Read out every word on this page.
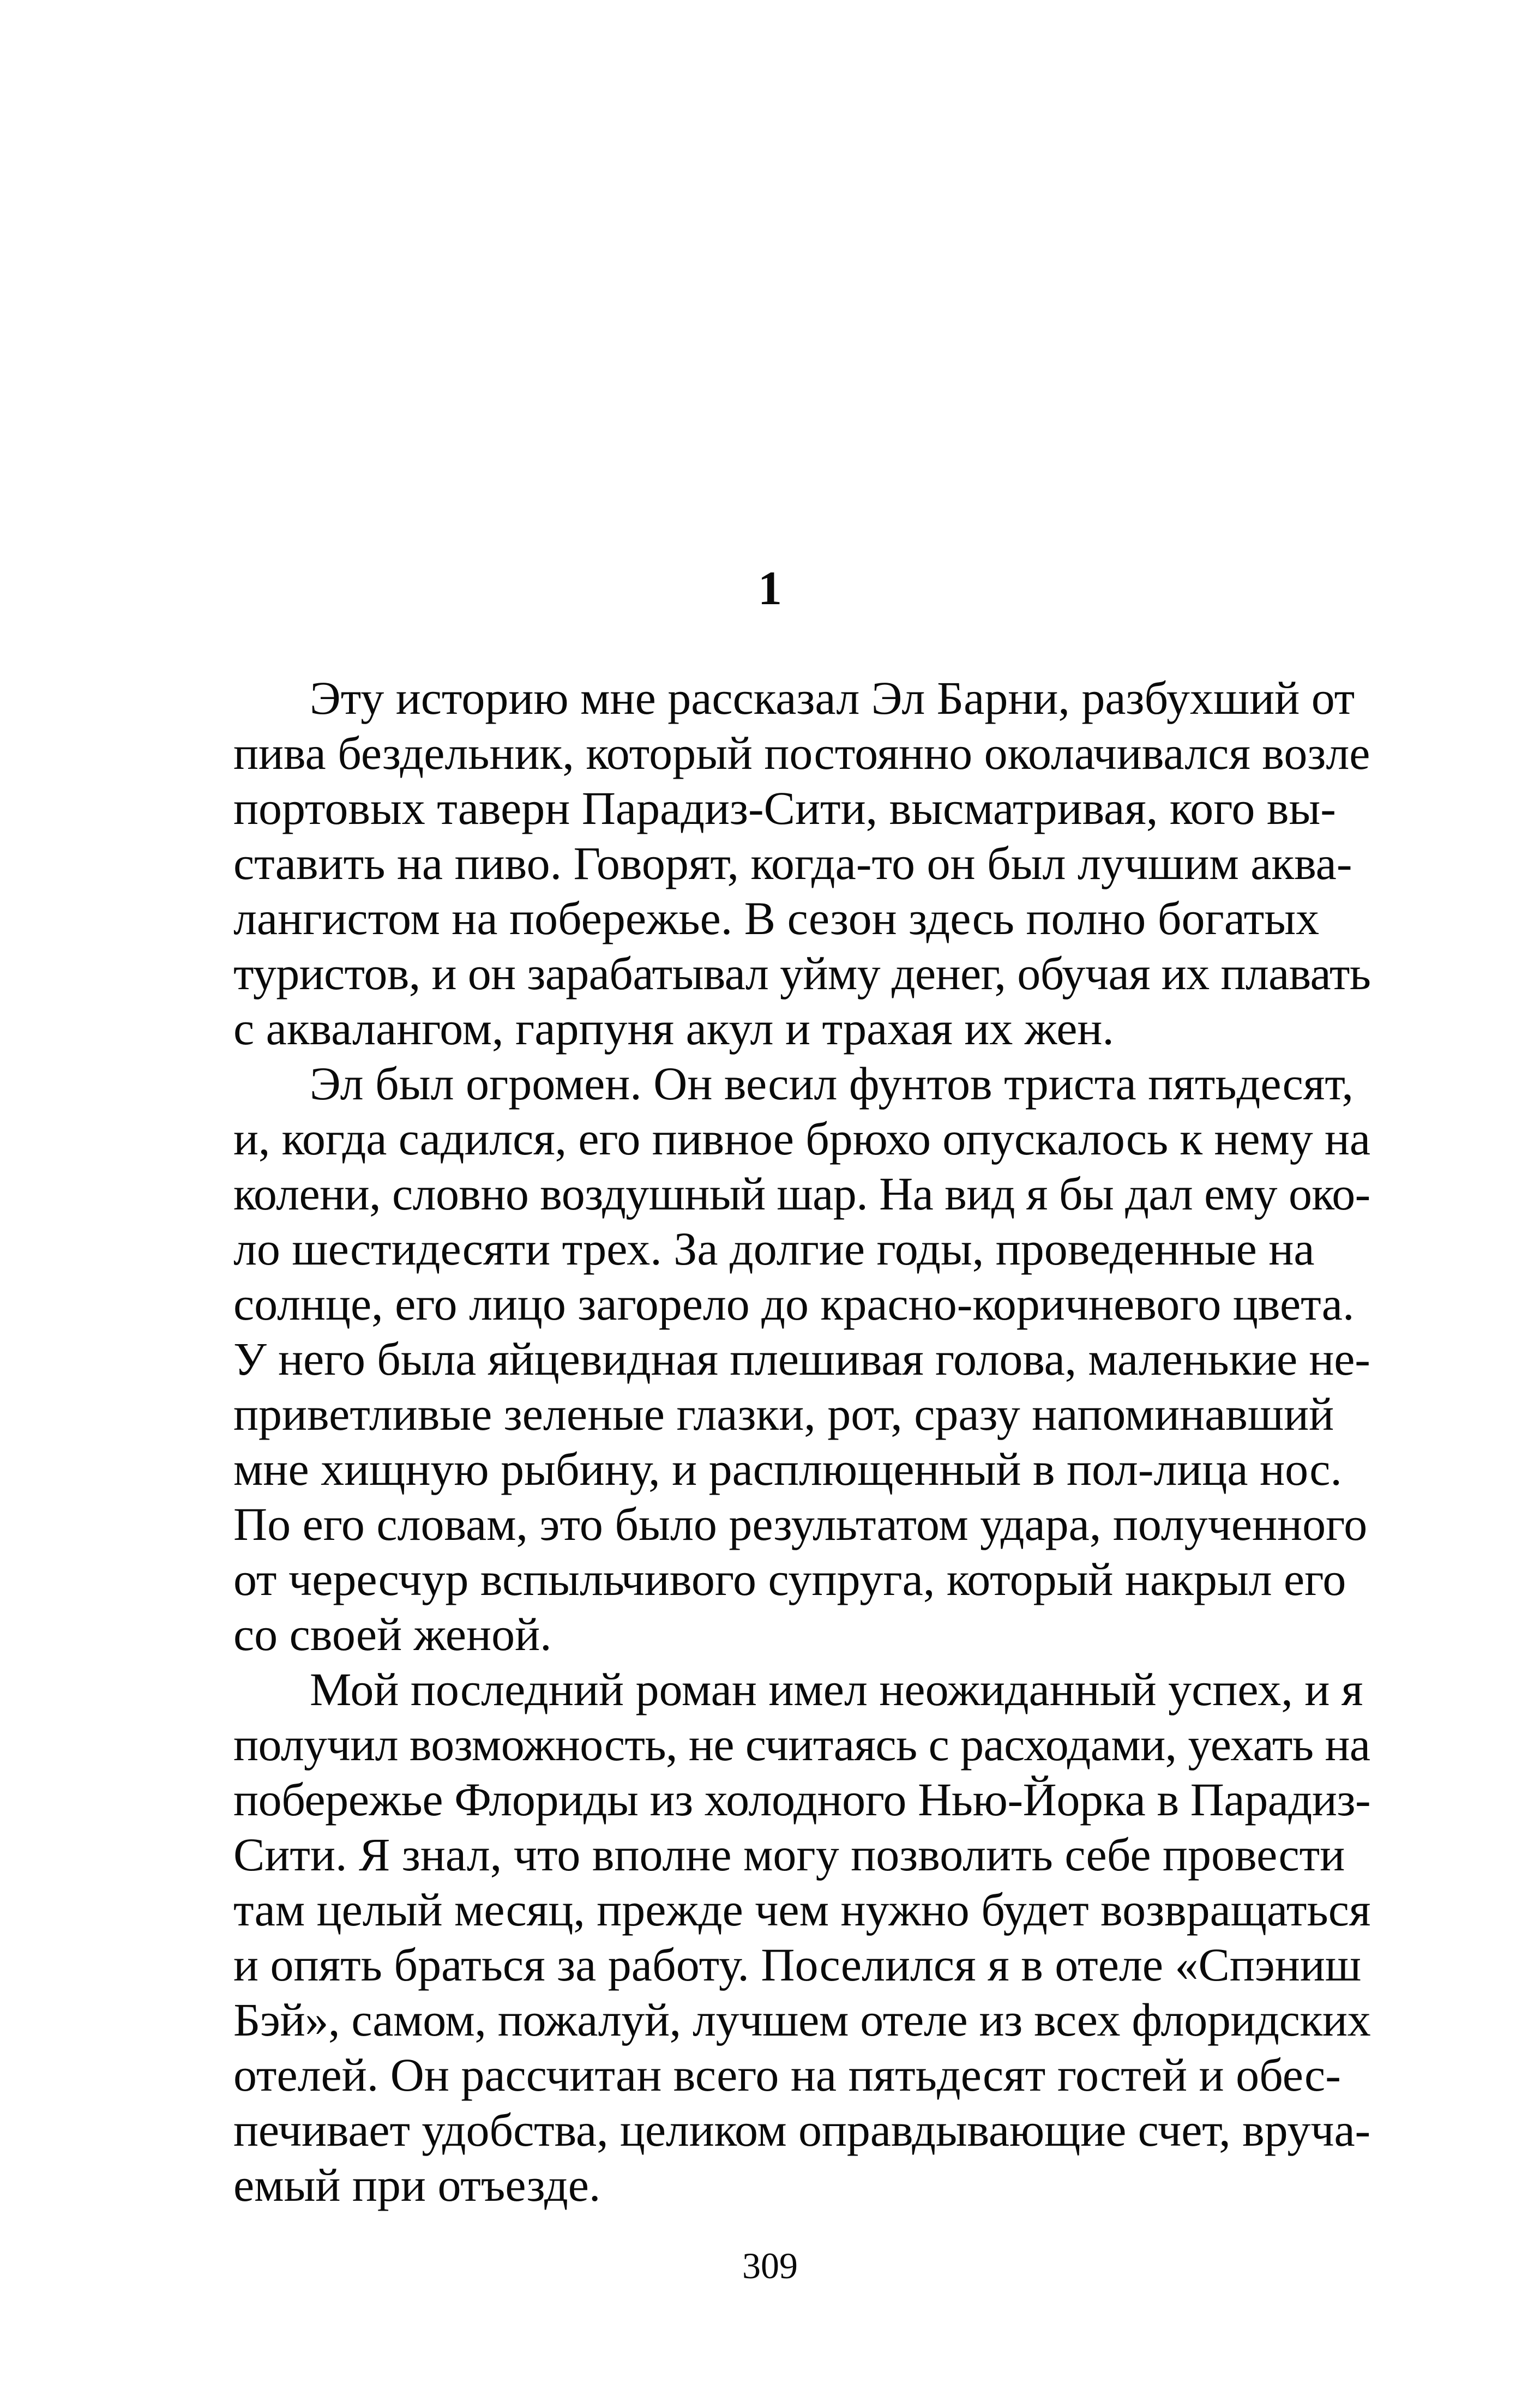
1

Эту историю мне рассказал Эл Барни, разбухший от
пива бездельник, который постоянно околачивался возле
портовых таверн Парадиз-Сити, высматривая, кого вы-
ставить на пиво. Говорят, когда-то он был лучшим аква-
лангистом на побережье. В сезон здесь полно богатых
туристов, и он зарабатывал уйму денег, обучая их плавать
с аквалангом, гарпуня акул и трахая их жен.

Эл был огромен. Он весил фунтов триста пятьдесят,
и, когда садился, его пивное брюхо опускалось к нему на
колени, словно воздушный шар. На вид я бы дал ему око-
ло шестидесяти трех. За долгие годы, проведенные на
солнце, его лицо загорело до красно-коричневого цвета.
У него была яйцевидная плешивая голова, маленькие не-
приветливые зеленые глазки, рот, сразу напоминавший
мне хищную рыбину, и расплющенный в пол-лица нос.
По его словам, это было результатом удара, полученного
от чересчур вспыльчивого супруга, который накрыл его
со своей женой.

Мой последний роман имел неожиданный успех, и я
получил возможность, не считаясь с расходами, уехать на
побережье Флориды из холодного Нью-Йорка в Парадиз-
Сити. Я знал, что вполне могу позволить себе провести
там целый месяц, прежде чем нужно будет возвращаться
и опять браться за работу. Поселился я в отеле «Спэниш
Бэй», самом, пожалуй, лучшем отеле из всех флоридских
отелей. Он рассчитан всего на пятьдесят гостей и обес-
печивает удобства, целиком оправдывающие счет, вруча-
емый при отъезде.

309
